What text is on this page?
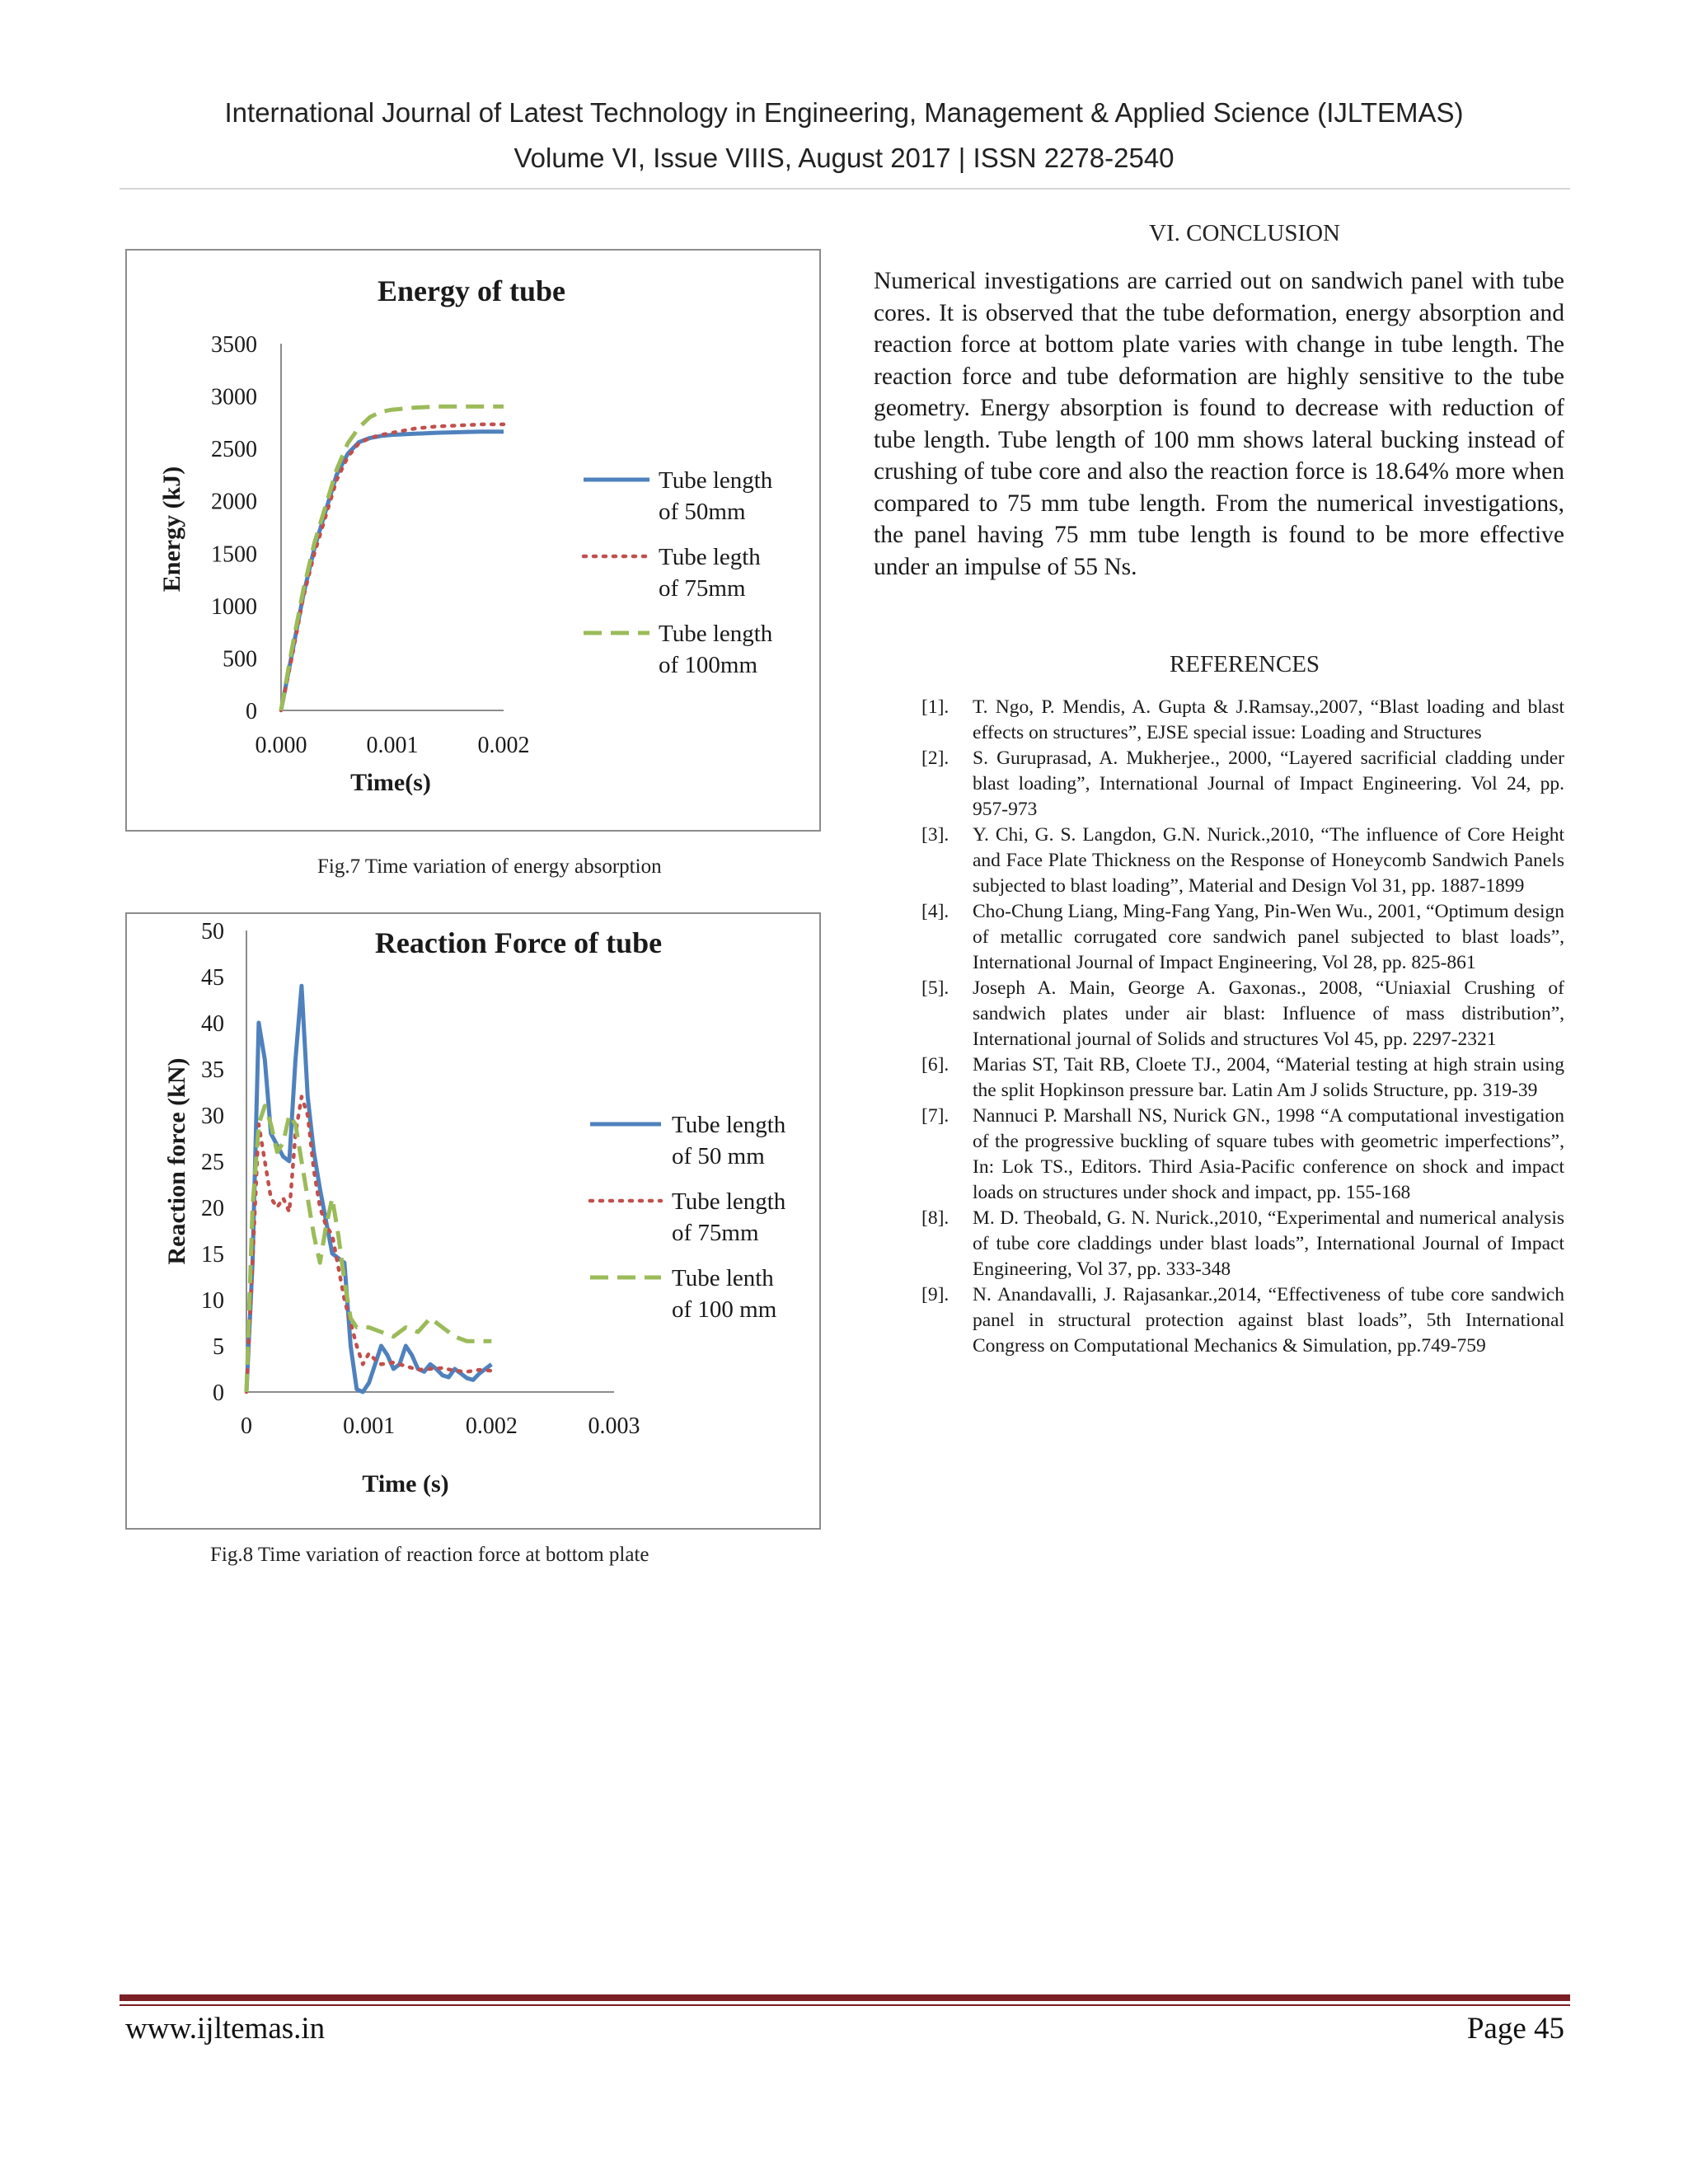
International Journal of Latest Technology in Engineering, Management & Applied Science (IJLTEMAS)
Volume VI, Issue VIIIS, August 2017 | ISSN 2278-2540
Energy of tube
0
500
1000
1500
2000
2500
3000
3500
0.000	0.001	0.002
Time(s)
Energy (kJ)	Tube length
of 50mm
Tube legth
of 75mm
Tube length
of 100mm
Fig.7 Time variation of energy absorption
Reaction Force of tube
0
5
10
15
20
25
30
35
40
45
50
0	0.001	0.002	0.003
Time (s)
Reaction force (kN)	Tube length
of 50 mm
Tube length
of 75mm
Tube lenth
of 100 mm
Fig.8 Time variation of reaction force at bottom plate
VI. CONCLUSION
Numerical investigations are carried out on sandwich panel with tube cores. It is observed that the tube deformation, energy absorption and reaction force at bottom plate varies with change in tube length. The reaction force and tube deformation are highly sensitive to the tube geometry. Energy absorption is found to decrease with reduction of tube length. Tube length of 100 mm shows lateral bucking instead of crushing of tube core and also the reaction force is 18.64% more when compared to 75 mm tube length. From the numerical investigations, the panel having 75 mm tube length is found to be more effective under an impulse of 55 Ns.
REFERENCES
[1]. T. Ngo, P. Mendis, A. Gupta & J.Ramsay.,2007, “Blast loading and blast effects on structures”, EJSE special issue: Loading and Structures
[2]. S. Guruprasad, A. Mukherjee., 2000, “Layered sacrificial cladding under blast loading”, International Journal of Impact Engineering. Vol 24, pp. 957-973
[3]. Y. Chi, G. S. Langdon, G.N. Nurick.,2010, “The influence of Core Height and Face Plate Thickness on the Response of Honeycomb Sandwich Panels subjected to blast loading”, Material and Design Vol 31, pp. 1887-1899
[4]. Cho-Chung Liang, Ming-Fang Yang, Pin-Wen Wu., 2001, “Optimum design of metallic corrugated core sandwich panel subjected to blast loads”, International Journal of Impact Engineering, Vol 28, pp. 825-861
[5]. Joseph A. Main, George A. Gaxonas., 2008, “Uniaxial Crushing of sandwich plates under air blast: Influence of mass distribution”, International journal of Solids and structures Vol 45, pp. 2297-2321
[6]. Marias ST, Tait RB, Cloete TJ., 2004, “Material testing at high strain using the split Hopkinson pressure bar. Latin Am J solids Structure, pp. 319-39
[7]. Nannuci P. Marshall NS, Nurick GN., 1998 “A computational investigation of the progressive buckling of square tubes with geometric imperfections”, In: Lok TS., Editors. Third Asia-Pacific conference on shock and impact loads on structures under shock and impact, pp. 155-168
[8]. M. D. Theobald, G. N. Nurick.,2010, “Experimental and numerical analysis of tube core claddings under blast loads”, International Journal of Impact Engineering, Vol 37, pp. 333-348
[9]. N. Anandavalli, J. Rajasankar.,2014, “Effectiveness of tube core sandwich panel in structural protection against blast loads”, 5th International Congress on Computational Mechanics & Simulation, pp.749-759
www.ijltemas.in	Page 45
